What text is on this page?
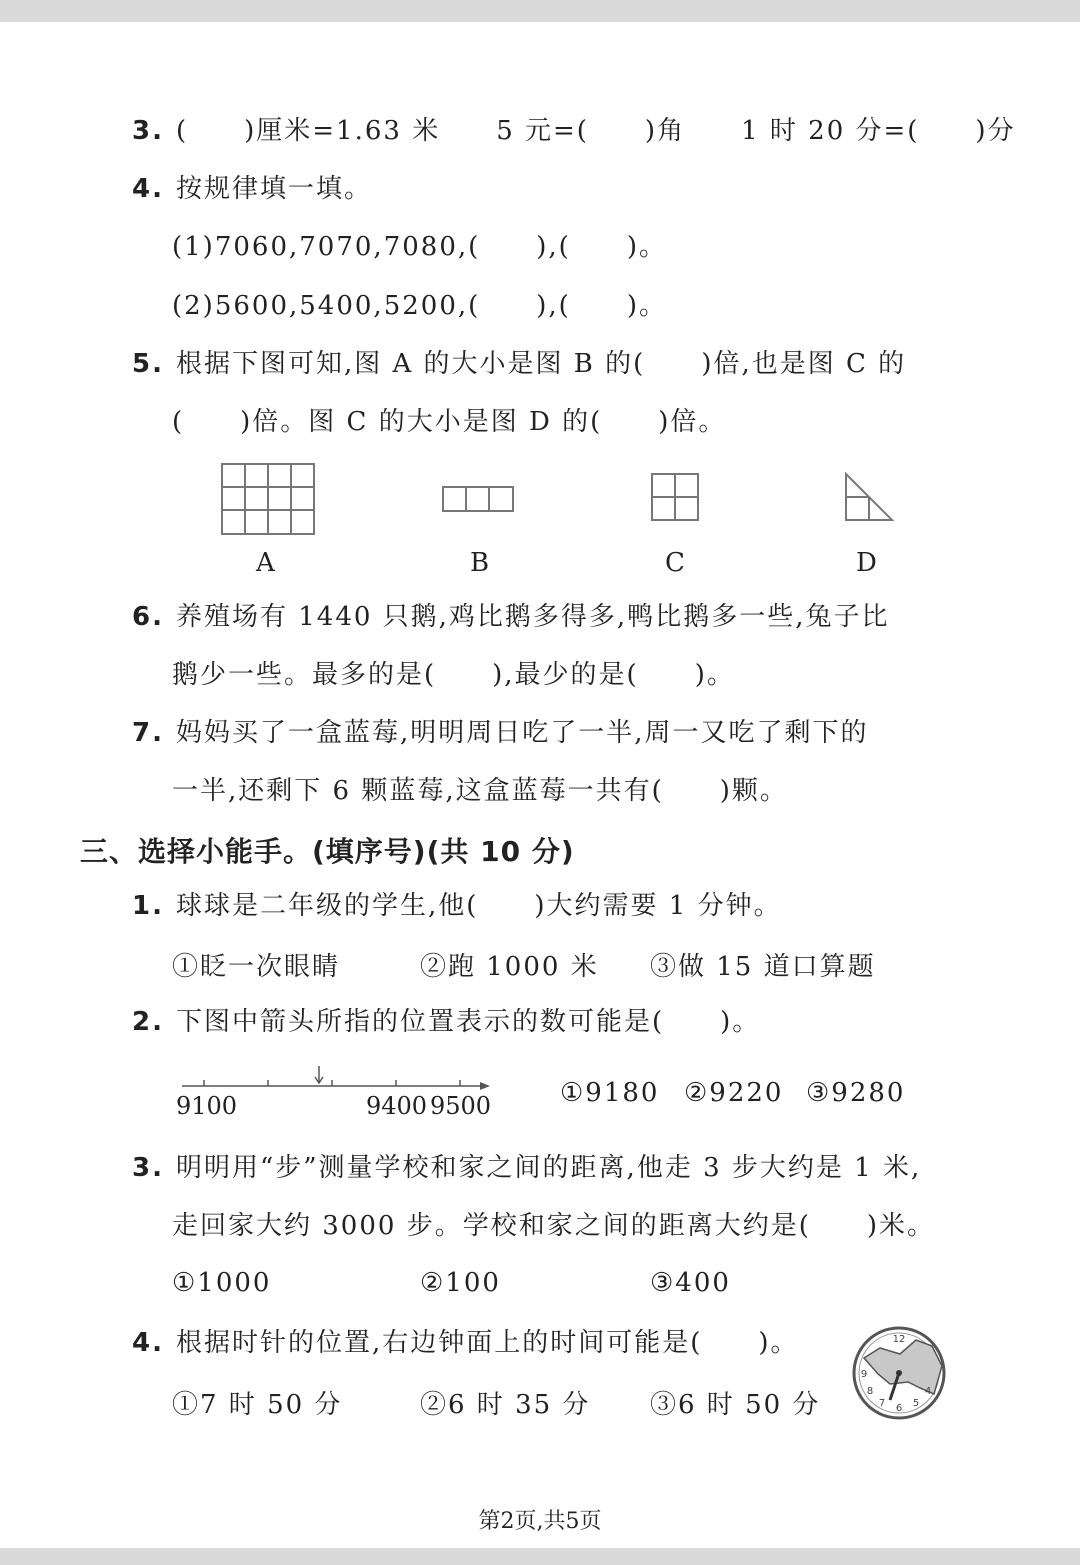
3. (　　)厘米=1.63 米　　5 元=(　　)角　　1 时 20 分=(　　)分
4. 按规律填一填。
(1)7060,7070,7080,(　　),(　　)。
(2)5600,5400,5200,(　　),(　　)。
5. 根据下图可知,图 A 的大小是图 B 的(　　)倍,也是图 C 的
(　　)倍。图 C 的大小是图 D 的(　　)倍。
A	B	C	D
6. 养殖场有 1440 只鹅,鸡比鹅多得多,鸭比鹅多一些,兔子比
鹅少一些。最多的是(　　),最少的是(　　)。
7. 妈妈买了一盒蓝莓,明明周日吃了一半,周一又吃了剩下的
一半,还剩下 6 颗蓝莓,这盒蓝莓一共有(　　)颗。
三、选择小能手。(填序号)(共 10 分)
1. 球球是二年级的学生,他(　　)大约需要 1 分钟。
①眨一次眼睛	②跑 1000 米 ③做 15 道口算题
2. 下图中箭头所指的位置表示的数可能是(　　)。
9100	9400 9500	①9180 ②9220 ③9280
3. 明明用“步”测量学校和家之间的距离,他走 3 步大约是 1 米,
走回家大约 3000 步。学校和家之间的距离大约是(　　)米。
①1000	②100	③400
4. 根据时针的位置,右边钟面上的时间可能是(　　)。
①7 时 50 分	②6 时 35 分 ③6 时 50 分
12
9
8
7 6 5
4
第2页,共5页
